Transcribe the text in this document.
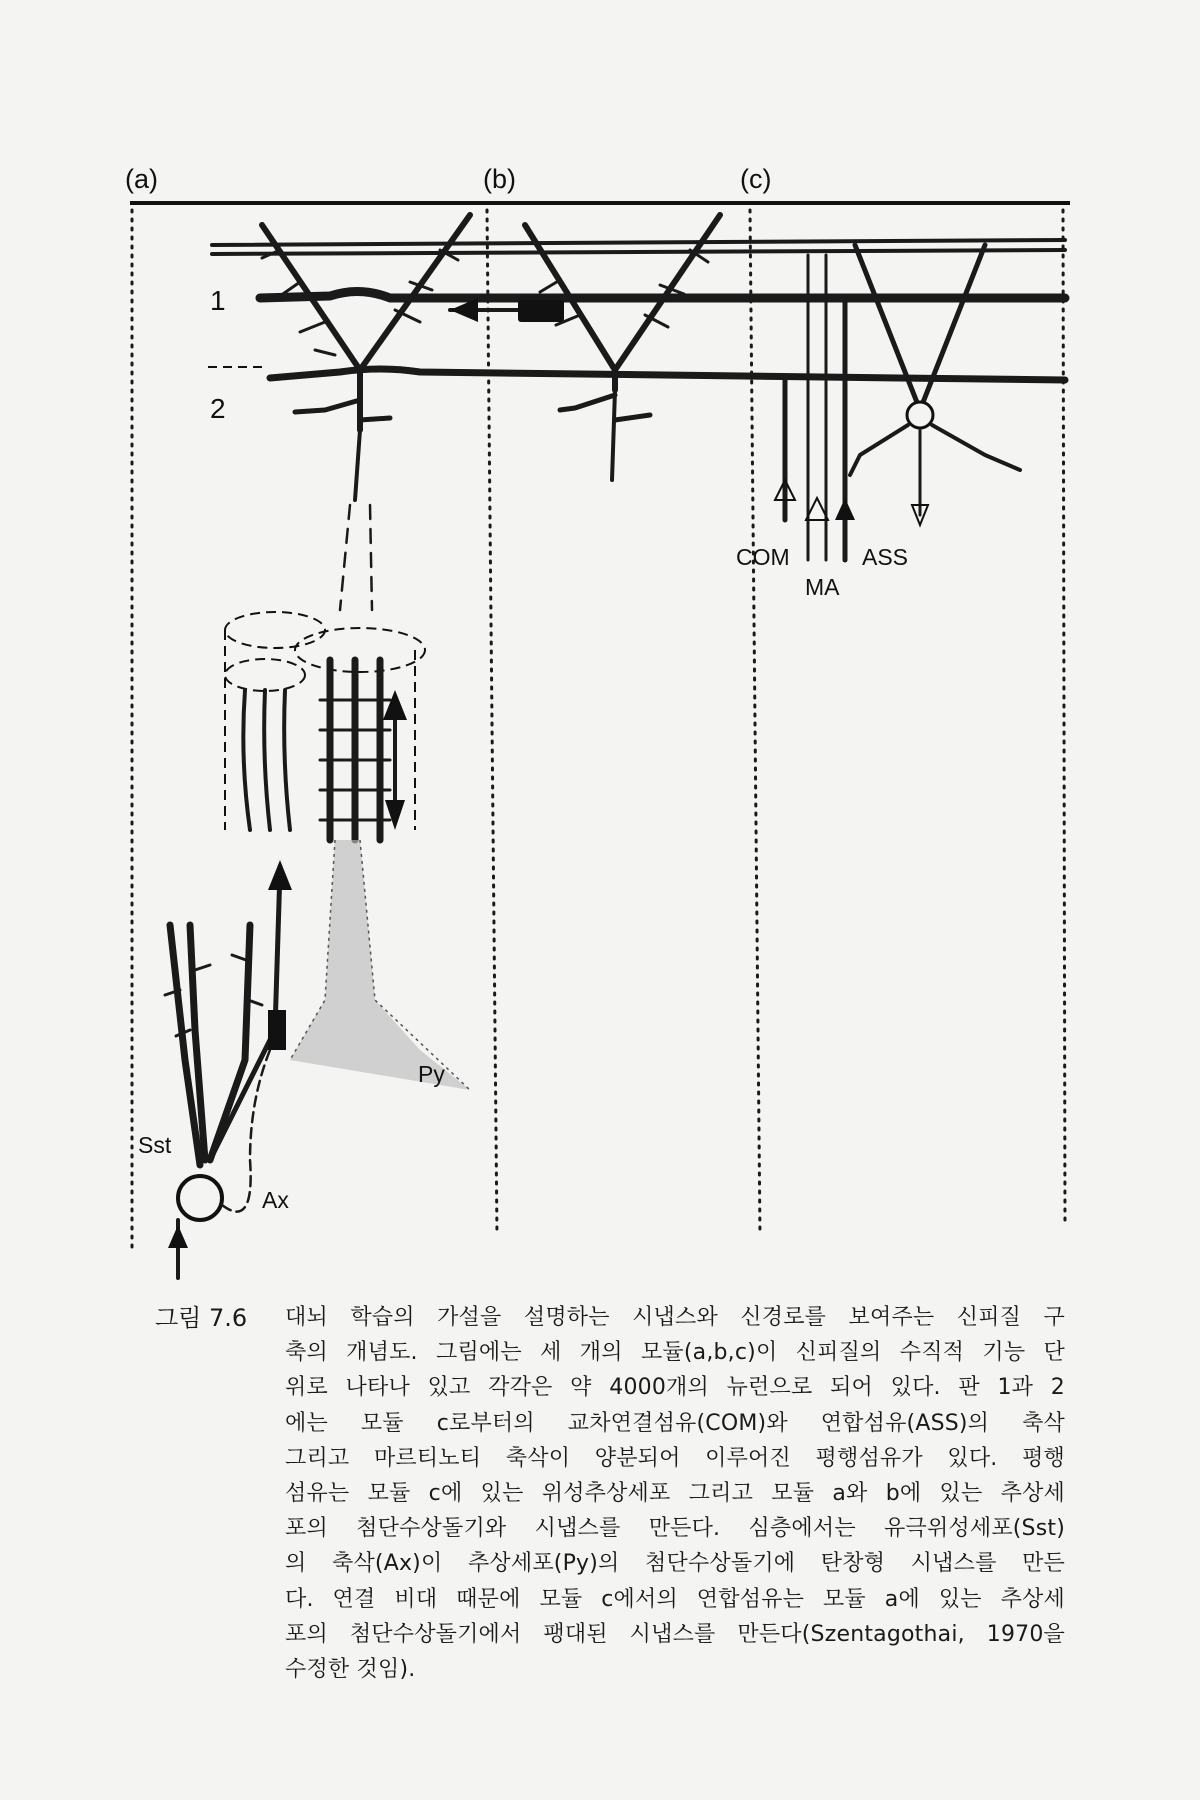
(a)	(b)	(c)
1
2
COM
MA
ASS
Py
Sst
Ax
그림 7.6 대뇌 학습의 가설을 설명하는 시냅스와 신경로를 보여주는 신피질 구
축의 개념도. 그림에는 세 개의 모듈(a,b,c)이 신피질의 수직적 기능 단
위로 나타나 있고 각각은 약 4000개의 뉴런으로 되어 있다. 판 1과 2
에는 모듈 c로부터의 교차연결섬유(COM)와 연합섬유(ASS)의 축삭
그리고 마르티노티 축삭이 양분되어 이루어진 평행섬유가 있다. 평행
섬유는 모듈 c에 있는 위성추상세포 그리고 모듈 a와 b에 있는 추상세
포의 첨단수상돌기와 시냅스를 만든다. 심층에서는 유극위성세포(Sst)
의 축삭(Ax)이 추상세포(Py)의 첨단수상돌기에 탄창형 시냅스를 만든
다. 연결 비대 때문에 모듈 c에서의 연합섬유는 모듈 a에 있는 추상세
포의 첨단수상돌기에서 팽대된 시냅스를 만든다(Szentagothai, 1970을
수정한 것임).
